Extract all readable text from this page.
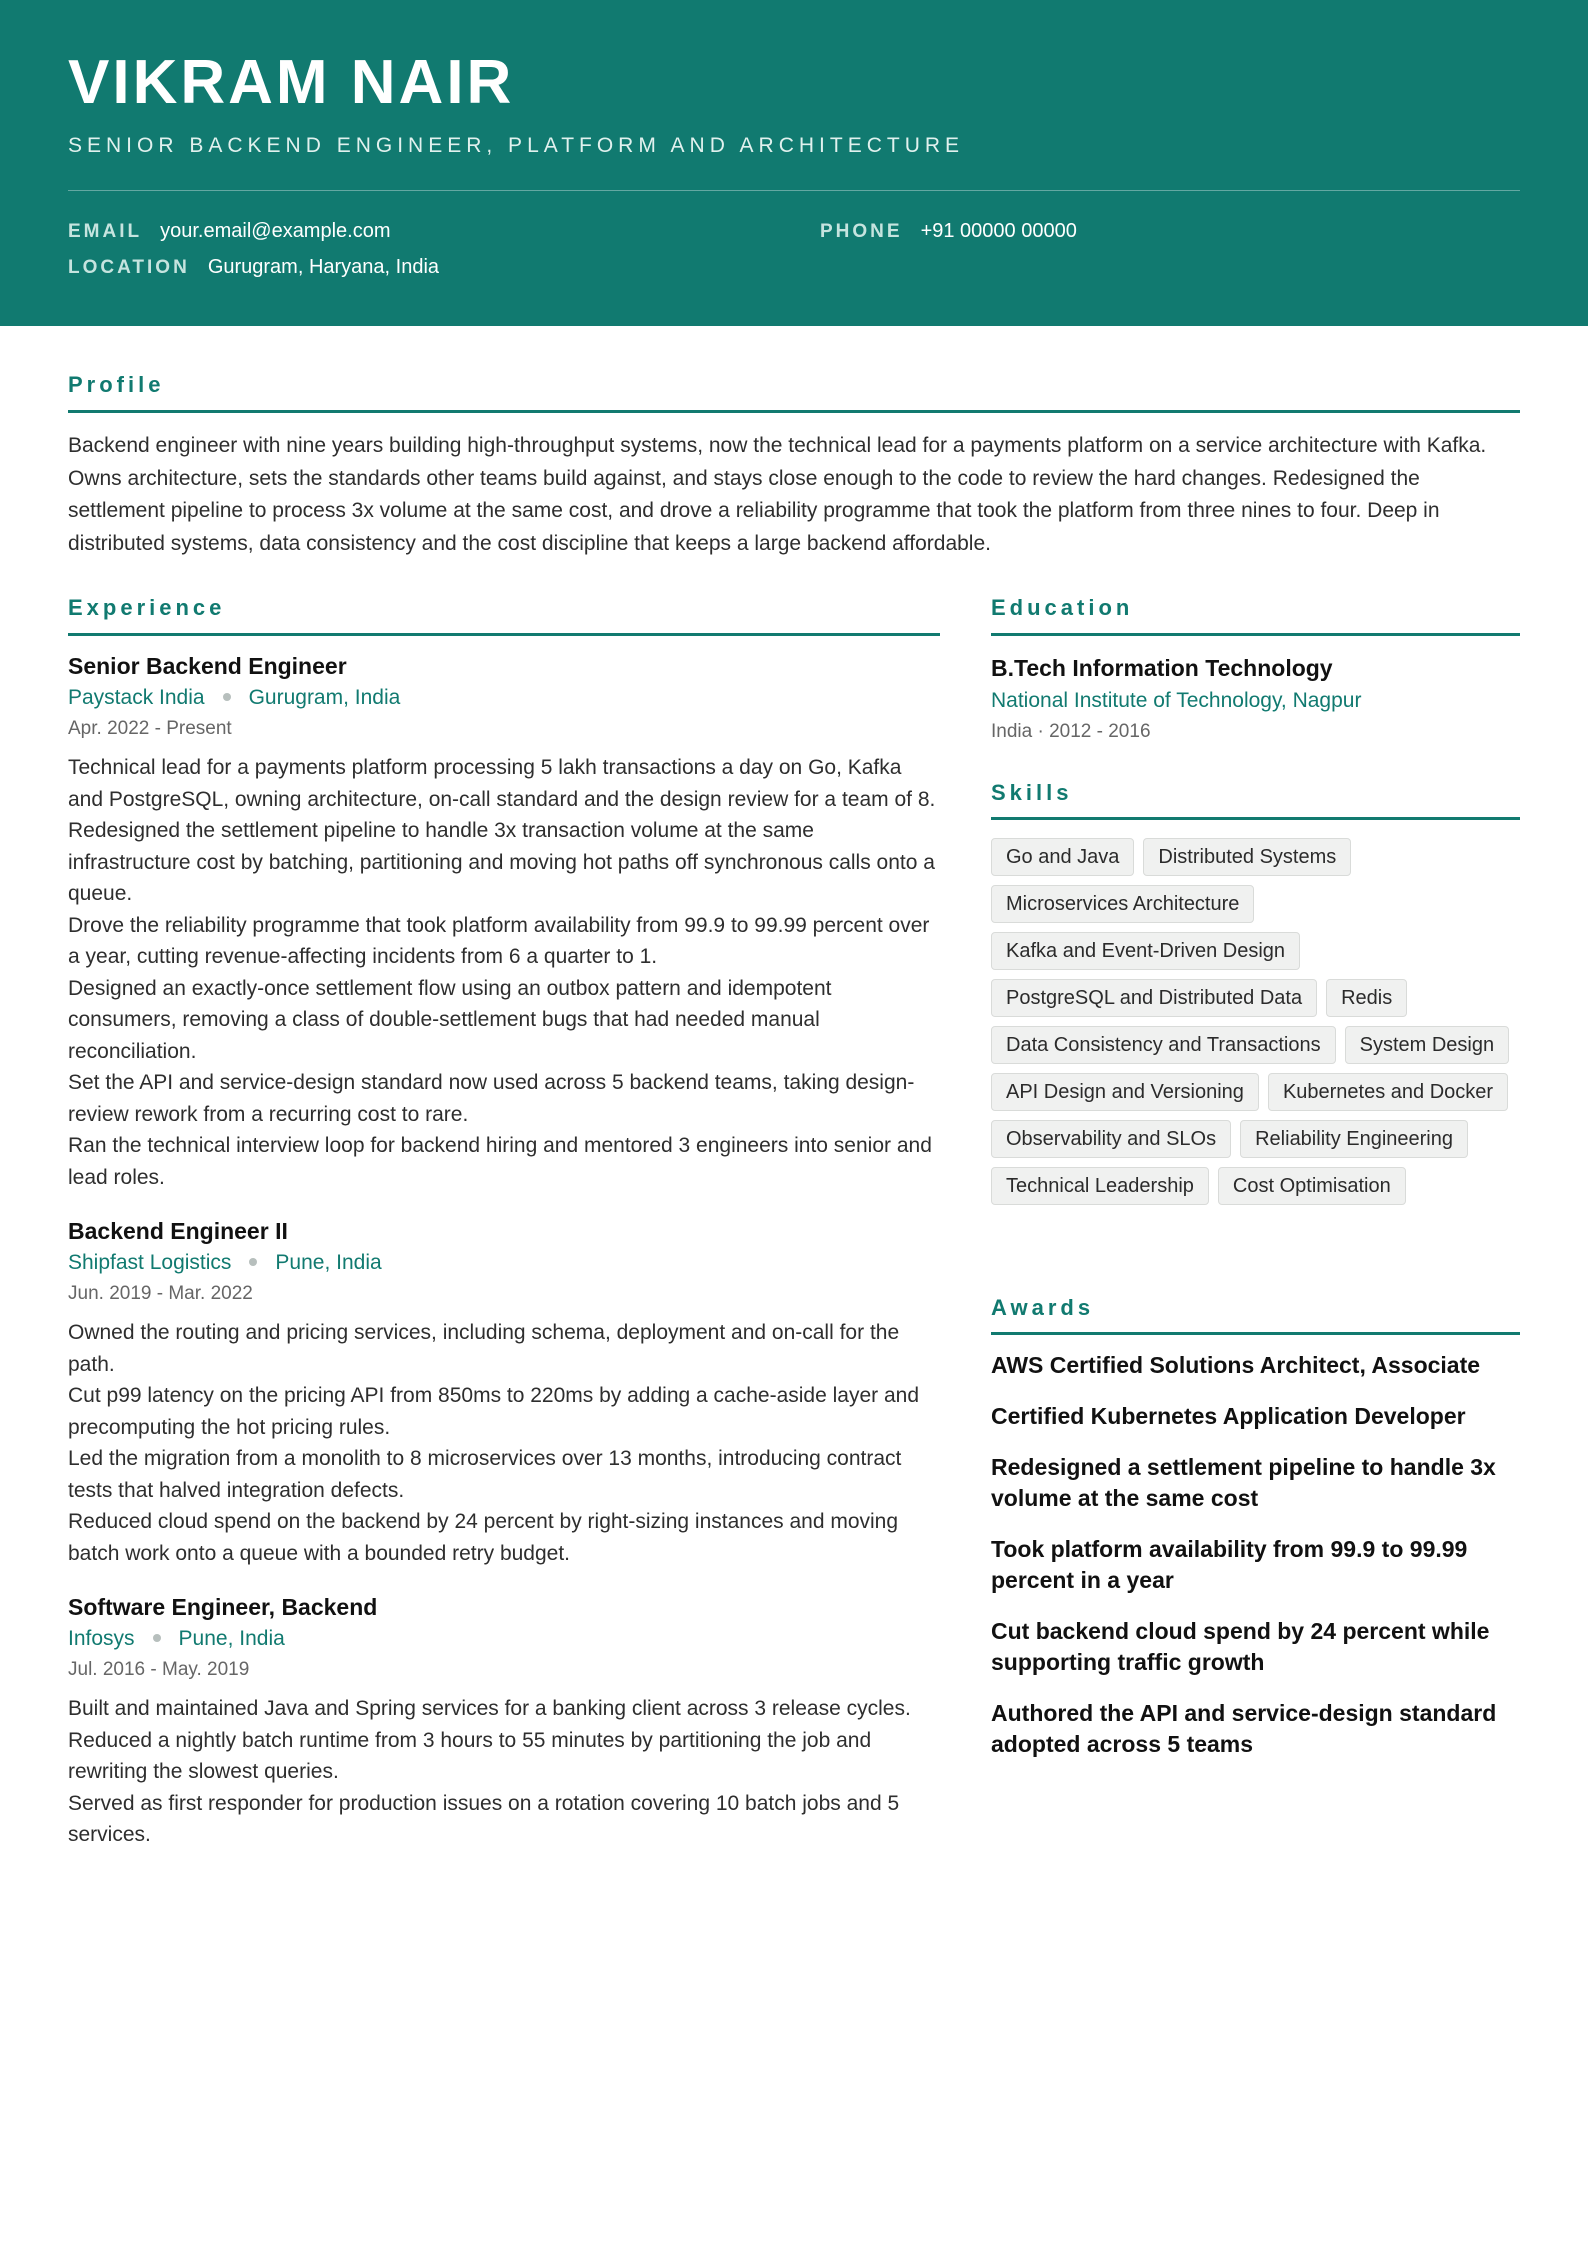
VIKRAM NAIR
SENIOR BACKEND ENGINEER, PLATFORM AND ARCHITECTURE
EMAIL your.email@example.com
LOCATION Gurugram, Haryana, India
PHONE +91 00000 00000
Profile
Backend engineer with nine years building high-throughput systems, now the technical lead for a payments platform on a service architecture with Kafka. Owns architecture, sets the standards other teams build against, and stays close enough to the code to review the hard changes. Redesigned the settlement pipeline to process 3x volume at the same cost, and drove a reliability programme that took the platform from three nines to four. Deep in distributed systems, data consistency and the cost discipline that keeps a large backend affordable.
Experience
Senior Backend Engineer
Paystack India Gurugram, India
Apr. 2022 - Present
Technical lead for a payments platform processing 5 lakh transactions a day on Go, Kafka and PostgreSQL, owning architecture, on-call standard and the design review for a team of 8.
Redesigned the settlement pipeline to handle 3x transaction volume at the same infrastructure cost by batching, partitioning and moving hot paths off synchronous calls onto a queue.
Drove the reliability programme that took platform availability from 99.9 to 99.99 percent over a year, cutting revenue-affecting incidents from 6 a quarter to 1.
Designed an exactly-once settlement flow using an outbox pattern and idempotent consumers, removing a class of double-settlement bugs that had needed manual reconciliation.
Set the API and service-design standard now used across 5 backend teams, taking design-review rework from a recurring cost to rare.
Ran the technical interview loop for backend hiring and mentored 3 engineers into senior and lead roles.
Backend Engineer II
Shipfast Logistics Pune, India
Jun. 2019 - Mar. 2022
Owned the routing and pricing services, including schema, deployment and on-call for the path.
Cut p99 latency on the pricing API from 850ms to 220ms by adding a cache-aside layer and precomputing the hot pricing rules.
Led the migration from a monolith to 8 microservices over 13 months, introducing contract tests that halved integration defects.
Reduced cloud spend on the backend by 24 percent by right-sizing instances and moving batch work onto a queue with a bounded retry budget.
Software Engineer, Backend
Infosys Pune, India
Jul. 2016 - May. 2019
Built and maintained Java and Spring services for a banking client across 3 release cycles.
Reduced a nightly batch runtime from 3 hours to 55 minutes by partitioning the job and rewriting the slowest queries.
Served as first responder for production issues on a rotation covering 10 batch jobs and 5 services.
Education
B.Tech Information Technology
National Institute of Technology, Nagpur
India · 2012 - 2016
Skills
Go and Java	Distributed Systems
Microservices Architecture
Kafka and Event-Driven Design
PostgreSQL and Distributed Data	Redis
Data Consistency and Transactions	System Design
API Design and Versioning	Kubernetes and Docker
Observability and SLOs	Reliability Engineering
Technical Leadership	Cost Optimisation
Awards
AWS Certified Solutions Architect, Associate
Certified Kubernetes Application Developer
Redesigned a settlement pipeline to handle 3x volume at the same cost
Took platform availability from 99.9 to 99.99 percent in a year
Cut backend cloud spend by 24 percent while supporting traffic growth
Authored the API and service-design standard adopted across 5 teams
